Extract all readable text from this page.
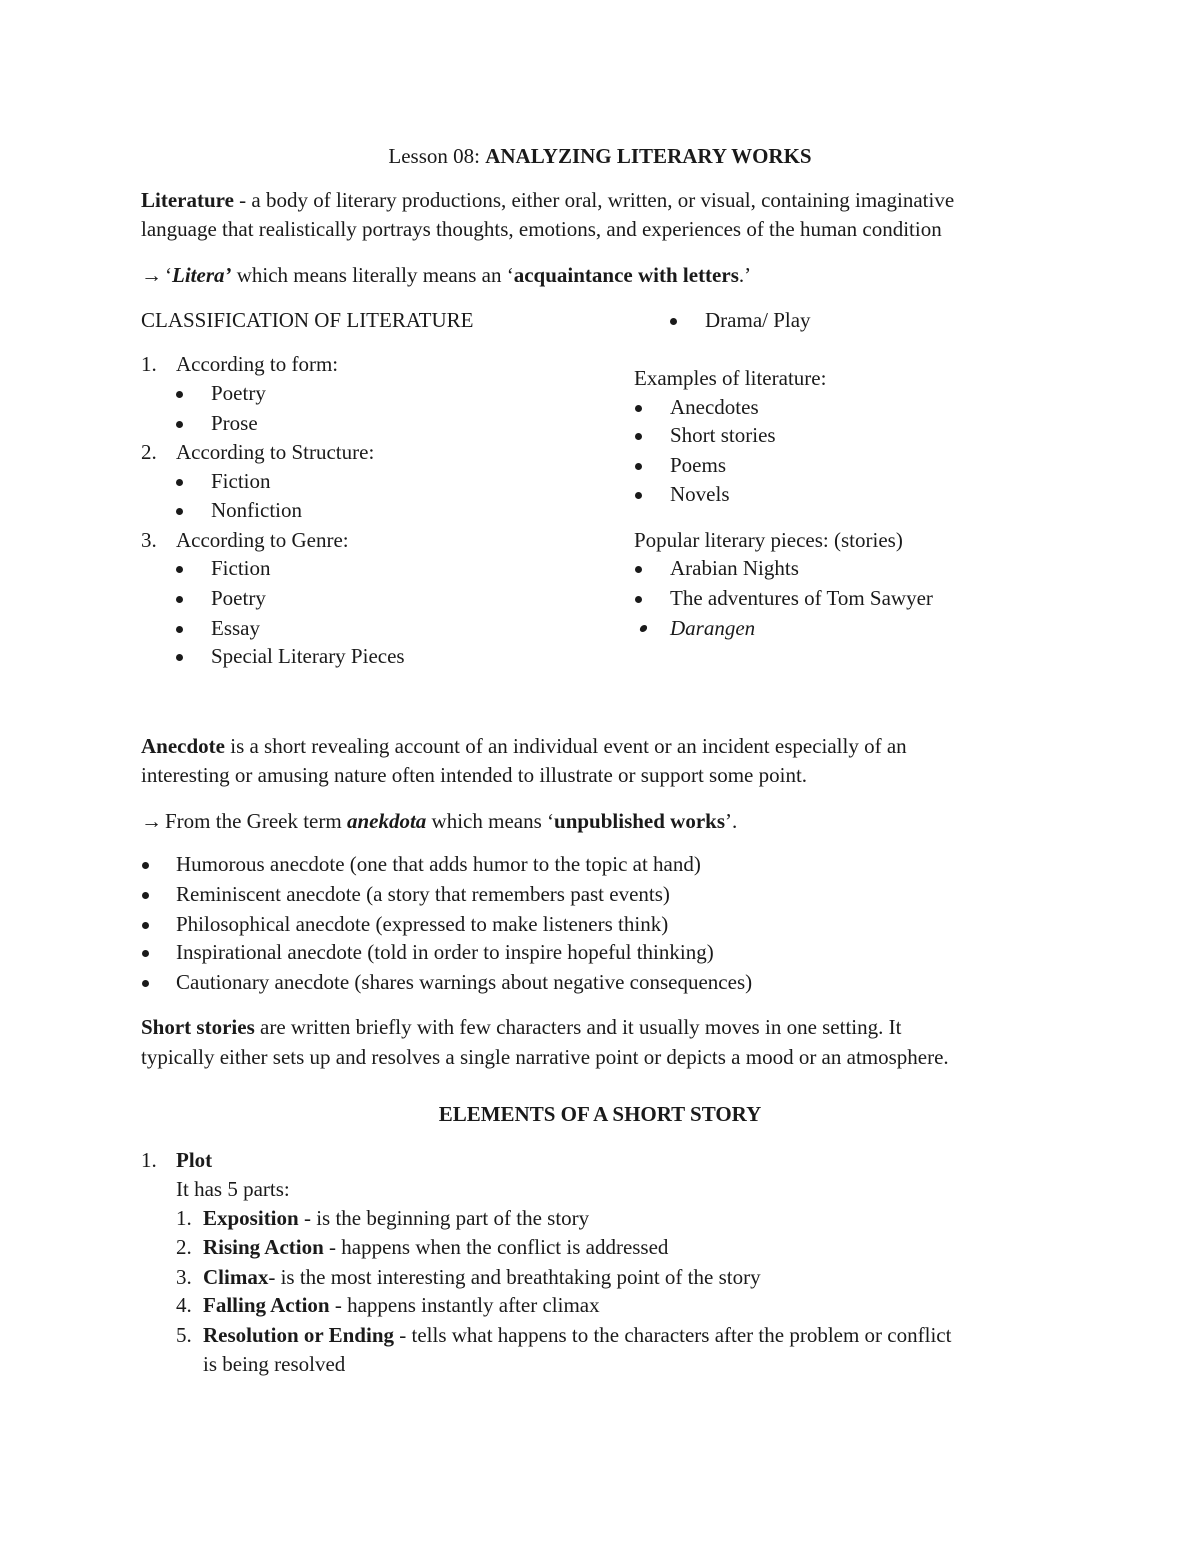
Lesson 08: ANALYZING LITERARY WORKS
Literature - a body of literary productions, either oral, written, or visual, containing imaginative
language that realistically portrays thoughts, emotions, and experiences of the human condition
→ ‘Litera’ which means literally means an ‘acquaintance with letters.’
CLASSIFICATION OF LITERATURE
1. According to form:
Poetry
Prose
2. According to Structure:
Fiction
Nonfiction
3. According to Genre:
Fiction
Poetry
Essay
Special Literary Pieces
Drama/ Play
Examples of literature:
Anecdotes
Short stories
Poems
Novels
Popular literary pieces: (stories)
Arabian Nights
The adventures of Tom Sawyer
Darangen
Anecdote is a short revealing account of an individual event or an incident especially of an
interesting or amusing nature often intended to illustrate or support some point.
→ From the Greek term anekdota which means ‘unpublished works’.
Humorous anecdote (one that adds humor to the topic at hand)
Reminiscent anecdote (a story that remembers past events)
Philosophical anecdote (expressed to make listeners think)
Inspirational anecdote (told in order to inspire hopeful thinking)
Cautionary anecdote (shares warnings about negative consequences)
Short stories are written briefly with few characters and it usually moves in one setting. It
typically either sets up and resolves a single narrative point or depicts a mood or an atmosphere.
ELEMENTS OF A SHORT STORY
1. Plot
It has 5 parts:
1. Exposition - is the beginning part of the story
2. Rising Action - happens when the conflict is addressed
3. Climax- is the most interesting and breathtaking point of the story
4. Falling Action - happens instantly after climax
5. Resolution or Ending - tells what happens to the characters after the problem or conflict
is being resolved
